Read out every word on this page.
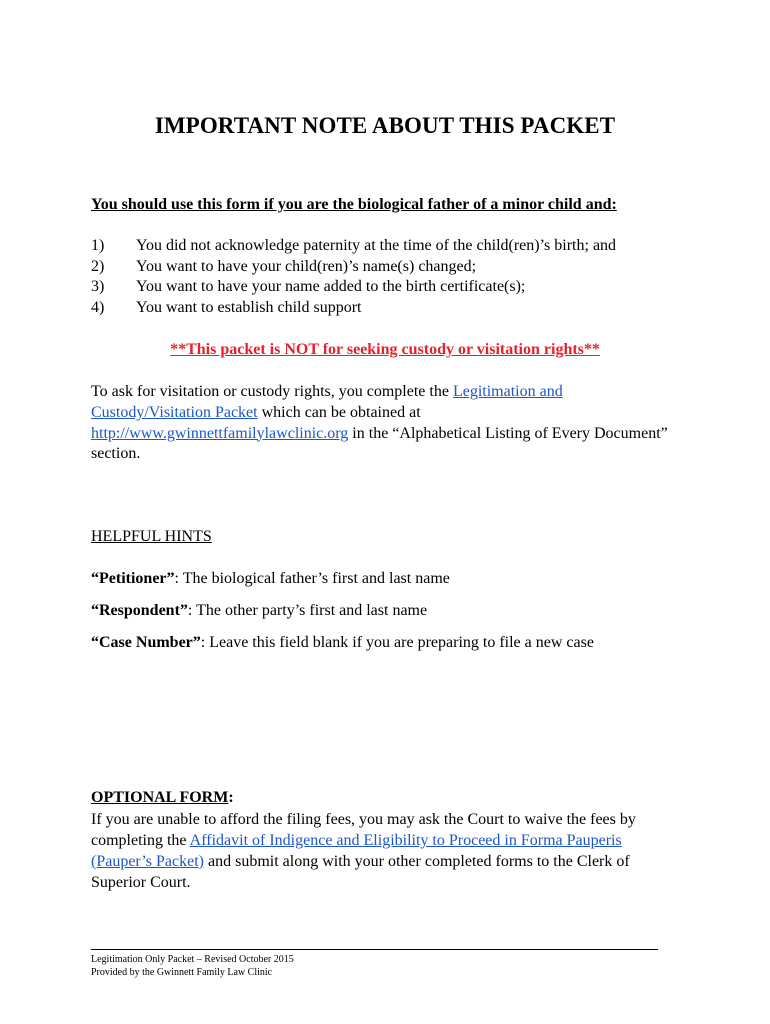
IMPORTANT NOTE ABOUT THIS PACKET
You should use this form if you are the biological father of a minor child and:
1) You did not acknowledge paternity at the time of the child(ren)’s birth; and
2) You want to have your child(ren)’s name(s) changed;
3) You want to have your name added to the birth certificate(s);
4) You want to establish child support
**This packet is NOT for seeking custody or visitation rights**
To ask for visitation or custody rights, you complete the Legitimation and Custody/Visitation Packet which can be obtained at http://www.gwinnettfamilylawclinic.org in the “Alphabetical Listing of Every Document” section.
HELPFUL HINTS
“Petitioner”: The biological father’s first and last name
“Respondent”: The other party’s first and last name
“Case Number”: Leave this field blank if you are preparing to file a new case
OPTIONAL FORM:
If you are unable to afford the filing fees, you may ask the Court to waive the fees by completing the Affidavit of Indigence and Eligibility to Proceed in Forma Pauperis (Pauper’s Packet) and submit along with your other completed forms to the Clerk of Superior Court.
Legitimation Only Packet – Revised October 2015
Provided by the Gwinnett Family Law Clinic
